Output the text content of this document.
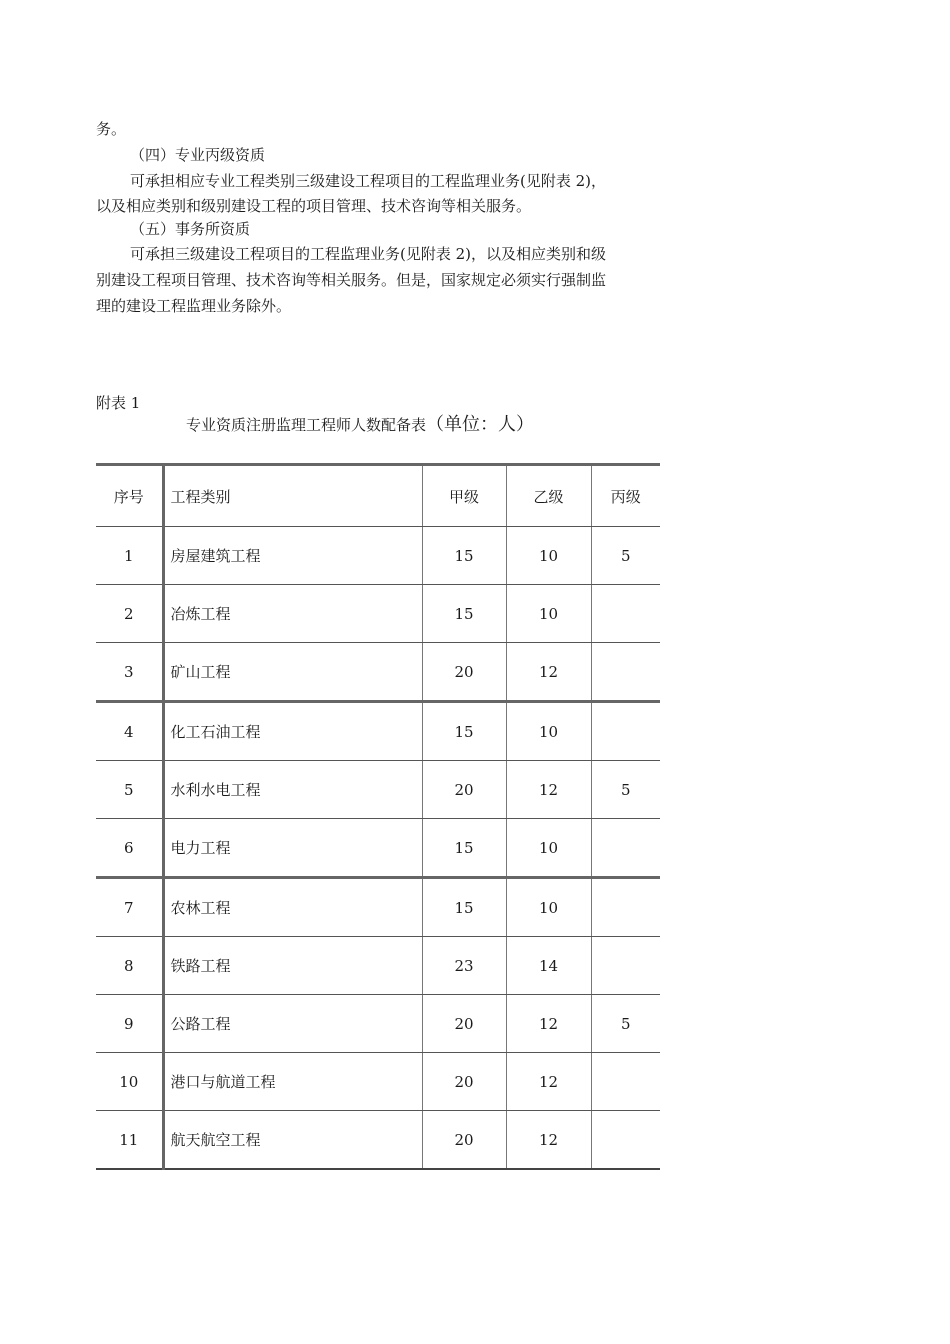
务。

（四）专业丙级资质

可承担相应专业工程类别三级建设工程项目的工程监理业务(见附表 2)，

以及相应类别和级别建设工程的项目管理、技术咨询等相关服务。

（五）事务所资质

可承担三级建设工程项目的工程监理业务(见附表 2)，以及相应类别和级

别建设工程项目管理、技术咨询等相关服务。但是，国家规定必须实行强制监

理的建设工程监理业务除外。

附表 1
专业资质注册监理工程师人数配备表（单位：人）
序号	工程类别	甲级	乙级	丙级
1	房屋建筑工程	15	10	5
2	冶炼工程	15	10	
3	矿山工程	20	12	
4	化工石油工程	15	10	
5	水利水电工程	20	12	5
6	电力工程	15	10	
7	农林工程	15	10	
8	铁路工程	23	14	
9	公路工程	20	12	5
10	港口与航道工程	20	12	
11	航天航空工程	20	12	
